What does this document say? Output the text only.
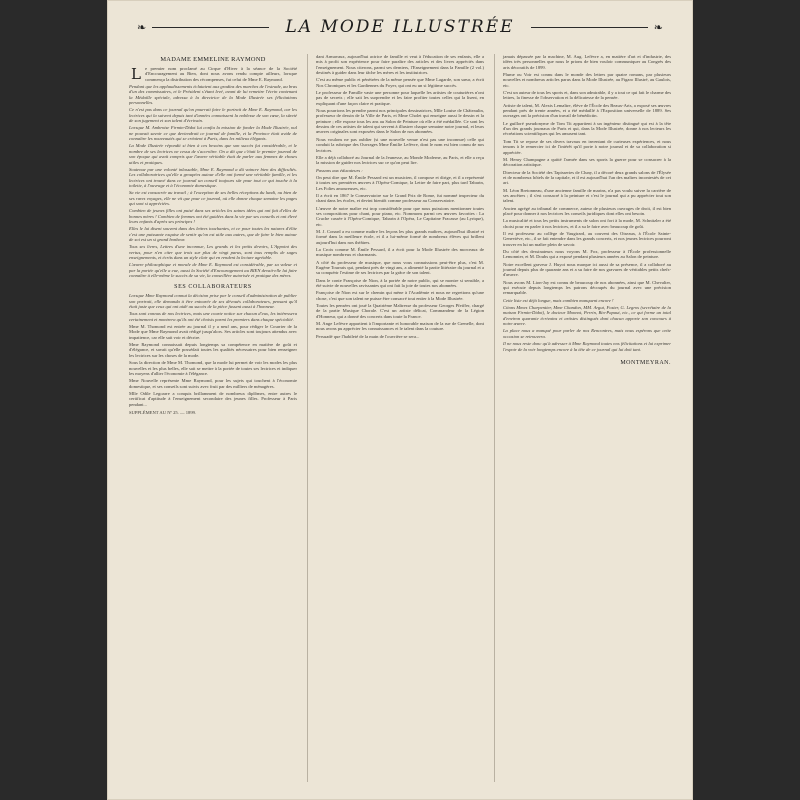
❧	LA MODE ILLUSTRÉE	❧
MADAME EMMELINE RAYMOND
Le premier nom proclamé au Cirque d'Hiver à la séance de la Société d'Encouragement au Bien, dont nous avons rendu compte ailleurs, lorsque commença la distribution des récompenses, fut celui de Mme E. Raymond.
Pendant que les applaudissements éclataient aux gradins des marches de l'estrade, au bras d'un des commissaires, et le Président s'étant levé, avant de lui remettre l'écrin contenant la Médaille spéciale, adressa à la directrice de la Mode Illustrée ses félicitations personnelles.
Ce n'est pas dans ce journal qu'on pourrait faire le portrait de Mme E. Raymond, car les lectrices qui la suivent depuis tant d'années connaissent la noblesse de son cœur, la sûreté de son jugement et son talent d'écrivain.
Lorsque M. Ambroise Firmin-Didot lui confia la mission de fonder la Mode Illustrée, nul ne pouvait savoir ce que deviendrait ce journal de famille, et la Province était avide de connaître les nouveautés qui se créaient à Paris, dans les milieux élégants.
La Mode Illustrée répondit si bien à ces besoins que son succès fut considérable, et le nombre de ses lectrices ne cessa de s'accroître. On a dit que c'était le premier journal de son époque qui avait compris que l'œuvre véritable était de parler aux femmes de choses utiles et pratiques.
Soutenue par une volonté inlassable, Mme E. Raymond a dû vaincre bien des difficultés. Les collaboratrices qu'elle a groupées autour d'elle ont formé une véritable famille, et les lectrices ont trouvé dans ce journal un conseil toujours sûr pour tout ce qui touche à la toilette, à l'ouvrage et à l'économie domestique.
Sa vie est consacrée au travail ; à l'exception de ses belles réceptions du lundi, ou bien de ses rares voyages, elle ne vit que pour ce journal, où elle donne chaque semaine les pages qui sont si appréciées.
Combien de jeunes filles ont puisé dans ses articles les saines idées qui ont fait d'elles de bonnes mères ! Combien de femmes ont été guidées dans la vie par ses conseils et ont élevé leurs enfants d'après ses principes !
Elles le lui disent souvent dans des lettres touchantes, et ce pour toutes les natures d'élite c'est une puissante exquise de sentir qu'on est utile aux autres, que de faire le bien autour de soi est un si grand bonheur.
Tous ses livres, Lettres d'une inconnue, Les grands et les petits devoirs, L'Appoint des vertus, pour n'en citer que trois sur plus de vingt parus, sont tous remplis de sages enseignements, et écrits dans un style clair qui en rendent la lecture agréable.
L'œuvre philosophique et morale de Mme E. Raymond est considérable, par sa valeur et par la portée qu'elle a eue, aussi la Société d'Encouragement au BIEN devait-elle lui faire connaître à elle-même le succès de sa vie, la conseillère autorisée et pratique des mères.
SES COLLABORATEURS
Lorsque Mme Raymond connut la décision prise par le conseil d'administration de publier son portrait, elle demanda à être entourée de ses dévoués collaborateurs, pensant qu'il était juste que ceux qui ont aidé au succès de la pièce fussent aussi à l'honneur.
Tous sont connus de nos lectrices, mais une courte notice sur chacun d'eux, les intéressera certainement et montrera qu'ils ont été choisis parmi les premiers dans chaque spécialité.
Mme M. Thomond est entrée au journal il y a neuf ans, pour rédiger le Courrier de la Mode que Mme Raymond avait rédigé jusqu'alors. Ses articles sont toujours attendus avec impatience, car elle sait voir et décrire.
Mme Raymond connaissait depuis longtemps sa compétence en matière de goût et d'élégance, et savait qu'elle possédait toutes les qualités nécessaires pour bien renseigner les lectrices sur les choses de la mode.
Sous la direction de Mme M. Thomond, que la mode lui permet de voir les modes les plus nouvelles et les plus belles, elle sait se mettre à la portée de toutes ses lectrices et indiquer les moyens d'allier l'économie à l'élégance.
Mme Nouvelle représente Mme Raymond, pour les sujets qui touchent à l'économie domestique, et ses conseils sont suivis avec fruit par des milliers de ménagères.
Mlle Odile Legoarre a conquis brillamment de nombreux diplômes, entre autres le certificat d'aptitude à l'enseignement secondaire des jeunes filles. Professeur à Paris pendant...
SUPPLÉMENT AU Nº 25. — 1899.
dant Armavaux, aujourd'hui actrice de famille et veut à l'éducation de ses enfants, elle a mis à profit son expérience pour faire paraître des articles et des livres appréciés dans l'enseignement. Nous citerons, parmi ses derniers, l'Enseignement dans la Famille (2 vol.) destinés à guider dans leur tâche les mères et les institutrices.
C'est au même public et pénétrées de la même pensée que Mme Lagarde, son sœur, a écrit Nos Chroniques et les Gardiennes du Foyer, qui ont eu un si légitime succès.
Le professeur de Famille vaste une personne pour laquelle les artistes de couturières n'ont pas de secrets ; elle sait les surprendre et les faire profiter toutes celles qui la lisent, en expliquant d'une façon claire et pratique.
Nous pourrions les prendre parmi nos principales dessinatrices, Mlle Louise de Châteaulin, professeur de dessin de la Ville de Paris, et Mme Cholet qui enseigne aussi le dessin et la peinture ; elle expose tous les ans au Salon de Peinture où elle a été médaillée. Ce sont les dessins de ces artistes de talent qui servent à illustrer chaque semaine notre journal, et leurs œuvres originales sont exposées dans le Salon de nos abonnées.
Nous voulons ne pas oublier (si une nouvelle venue n'est pas une inconnue) celle qui conduit la rubrique des Ouvrages Mme Émilie Lefèvre, dont le nom est bien connu de nos lectrices.
Elle a déjà collaboré au Journal de la Jeunesse, au Monde Moderne, au Paris, et elle a reçu la mission de guider nos lectrices sur ce qu'on peut lire.
Passons aux éducateurs :
On peut dire que M. Émile Pessard est un musicien, il compose et dirige, et il a représenté à toutes ses premières œuvres à l'Opéra-Comique, la Lettre de faire part, plus tard Tabarin, Les Folies amoureuses, etc.
Il a écrit en 1867 le Conservatoire sur le Grand Prix de Rome, fut nommé inspecteur du chant dans les écoles, et devint bientôt comme professeur au Conservatoire.
L'œuvre de notre maître est trop considérable pour que nous puissions mentionner toutes ses compositions pour chant, pour piano, etc. Nommons parmi ces œuvres favorites : La Cruche cassée à l'Opéra-Comique, Tabarin à l'Opéra, Le Capitaine Fracasse (au Lyrique), etc.
M. J. Conard a eu comme maître les leçons les plus grands maîtres, aujourd'hui illustré et formé dans la meilleure école, et il a lui-même formé de nombreux élèves qui brillent aujourd'hui dans nos théâtres.
La Croix comme M. Émile Pessard, il a écrit pour la Mode Illustrée des morceaux de musique nombreux et charmants.
A côté du professeur de musique, que nous vous connaissions peut-être plus, c'est M. Eugène Tourrais qui, pendant près de vingt ans, a alimenté la partie littéraire du journal et a su conquérir l'estime de ses lectrices par la grâce de son talent.
Dans le conte Françoise de Nion, à la portée de notre public, qui se montre si sensible, a été suivie de nouvelles ravissantes qui ont fait la joie de toutes nos abonnées.
Françoise de Nion est sur le chemin qui mène à l'Académie et nous ne regrettons qu'une chose, c'est que son talent ne puisse être consacré tout entier à la Mode Illustrée.
Toutes les pensées ont joué la Quatrième Maîtresse du professeur Georges Pfeiffer, chargé de la partie Musique Chorale. C'est un artiste délicat, Commandeur de la Légion d'Honneur, qui a donné des concerts dans toute la France.
M. Ange Lefèvre appartient à l'importante et honorable maison de la rue de Grenelle, dont nous avons pu apprécier les connaissances et le talent dans la couture.
Persuadé que l'habileté de la main de l'ouvrière se sera...
jamais dépassée par la machine, M. Aug. Lefèvre a, en matière d'art et d'industrie, des idées très personnelles que nous le prions de bien vouloir communiquer au Congrès des arts décoratifs de 1899.
Plume ou Voir est connu dans le monde des lettres par quatre romans, par plusieurs nouvelles et nombreux articles parus dans la Mode Illustrée, au Figaro Illustré, au Gaulois, etc.
C'est un auteur de tous les sports et, dans son admirable, il y a tout ce qui fait le charme des lettres, la finesse de l'observation et la délicatesse de la pensée.
Artiste de talent, M. Alexis Lemaître, élève de l'École des Beaux-Arts, a exposé ses œuvres pendant près de trente années, et a été médaillé à l'Exposition universelle de 1889. Ses ouvrages ont la précision d'un travail de bénédictin.
Le guilloré pseudonyme de Tom Tit appartient à un ingénieur distingué qui est à la tête d'un des grands journaux de Paris et qui, dans la Mode Illustrée, donne à nos lecteurs les récréations scientifiques qui les amusent tant.
Tom Tit se repose de ses divers travaux en inventant de curieuses expériences, et nous tenons à le remercier ici de l'intérêt qu'il porte à notre journal et de sa collaboration si appréciée.
M. Henry Champagne a quitté l'armée dans ses sports la guerre pour se consacrer à la décoration artistique.
Directeur de la Société des Tapisseries de Cluny, il a décoré deux grands salons de l'Élysée et de nombreux hôtels de la capitale, et il est aujourd'hui l'un des maîtres incontestés de cet art.
M. Léon Bretonneau, d'une ancienne famille de marins, n'a pas voulu suivre la carrière de ses ancêtres ; il s'est consacré à la peinture et c'est le journal qui a pu apprécier tout son talent.
Ancien agrégé au tribunal de commerce, auteur de plusieurs ouvrages de droit, il est bien placé pour donner à nos lectrices les conseils juridiques dont elles ont besoin.
La musicalité et tous les petits instruments de salon ont fort à la mode, M. Schnitzler a été choisi pour en parler à nos lectrices, et il a su le faire avec beaucoup de goût.
Il est professeur au collège de Vaugirard, au couvent des Oiseaux, à l'École Sainte-Geneviève, etc., il se fait entendre dans les grands concerts, et nos jeunes lectrices pourront trouver en lui un maître plein de savoir.
Du côté des dessinateurs nous voyons M. Fox, professeur à l'École professionnelle Lemonnier, et M. Doubs qui a exposé pendant plusieurs années au Salon de peinture.
Notre excellent graveur J. Huyot nous marque ici aussi de sa présence, il a collaboré au journal depuis plus de quarante ans et a su faire de nos gravures de véritables petits chefs-d'œuvre.
Nous avons M. Lion-Jay est connu de beaucoup de nos abonnées, ainsi que M. Chevalier, qui exécute depuis longtemps les patrons découpés du journal avec une précision remarquable.
Cette liste est déjà longue, mais combien manquent encore !
Citons Mmes Charpentier, Mme Chandon, MM. Argut, Foster, G. Legros (secrétaire de la maison Firmin-Didot), le docteur Monnot, Perrin, Bio-Papaut, etc., ce qui forme un total d'environ quarante écrivains et artistes distingués dont chacun apporte son concours à notre œuvre.
La place nous a manqué pour parler de nos Rencontres, mais nous espérons que cette occasion se retrouvera.
Il ne nous reste donc qu'à adresser à Mme Raymond toutes nos félicitations et lui exprimer l'espoir de la voir longtemps encore à la tête de ce journal qui lui doit tant.
MONTMEYRAN.
